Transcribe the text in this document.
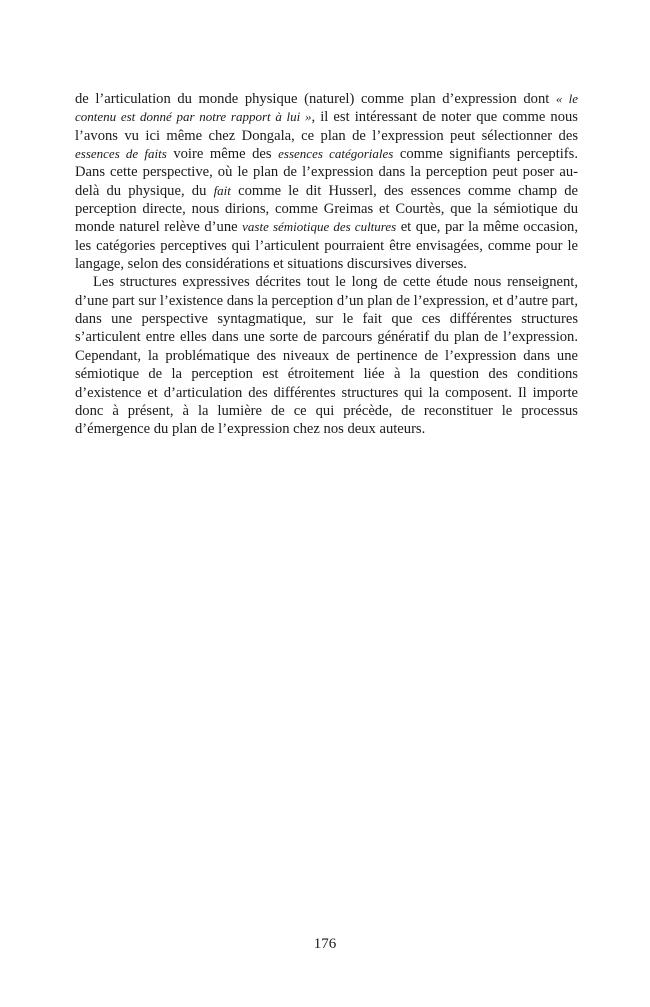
de l’articulation du monde physique (naturel) comme plan d’expression dont « le contenu est donné par notre rapport à lui », il est intéressant de noter que comme nous l’avons vu ici même chez Dongala, ce plan de l’expression peut sélectionner des essences de faits voire même des essences catégoriales comme signifiants perceptifs. Dans cette perspective, où le plan de l’expression dans la perception peut poser au-delà du physique, du fait comme le dit Husserl, des essences comme champ de perception directe, nous dirions, comme Greimas et Courtès, que la sémiotique du monde naturel relève d’une vaste sémiotique des cultures et que, par la même occasion, les catégories perceptives qui l’articulent pourraient être envisagées, comme pour le langage, selon des considérations et situations discursives diverses.

Les structures expressives décrites tout le long de cette étude nous renseignent, d’une part sur l’existence dans la perception d’un plan de l’expression, et d’autre part, dans une perspective syntagmatique, sur le fait que ces différentes structures s’articulent entre elles dans une sorte de parcours génératif du plan de l’expression. Cependant, la problématique des niveaux de pertinence de l’expression dans une sémiotique de la perception est étroitement liée à la question des conditions d’existence et d’articulation des différentes structures qui la composent. Il importe donc à présent, à la lumière de ce qui précède, de reconstituer le processus d’émergence du plan de l’expression chez nos deux auteurs.

176
